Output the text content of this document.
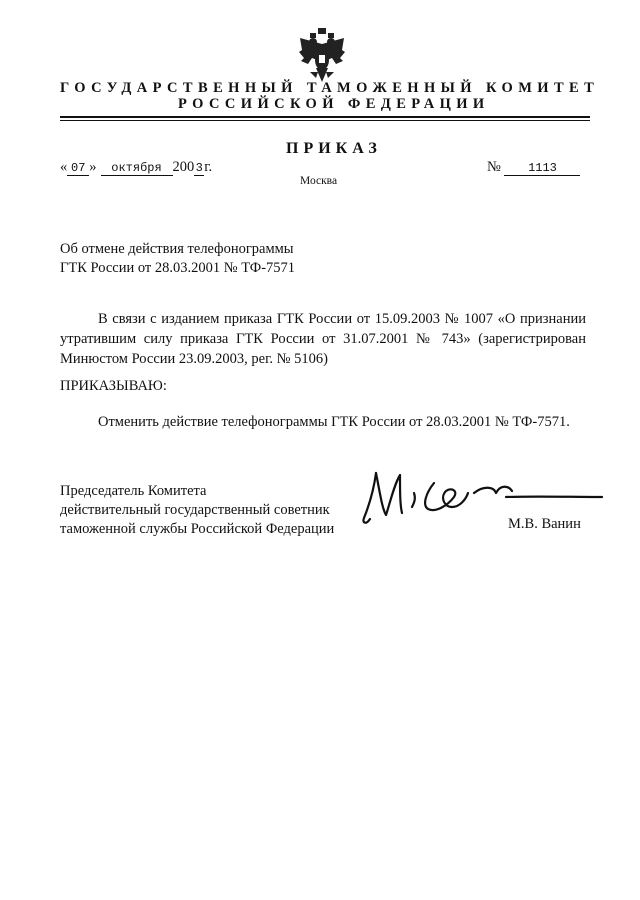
ГОСУДАРСТВЕННЫЙ ТАМОЖЕННЫЙ КОМИТЕТ
РОССИЙСКОЙ ФЕДЕРАЦИИ
ПРИКАЗ
« 07 » октября 2003г.	№ 1113
Москва
Об отмене действия телефонограммы
ГТК России от 28.03.2001 № ТФ-7571
В связи с изданием приказа ГТК России от 15.09.2003 № 1007 «О признании утратившим силу приказа ГТК России от 31.07.2001 № 743» (зарегистрирован Минюстом России 23.09.2003, рег. № 5106)
ПРИКАЗЫВАЮ:
Отменить действие телефонограммы ГТК России от 28.03.2001 № ТФ-7571.
Председатель Комитета
действительный государственный советник
таможенной службы Российской Федерации	М.В. Ванин
